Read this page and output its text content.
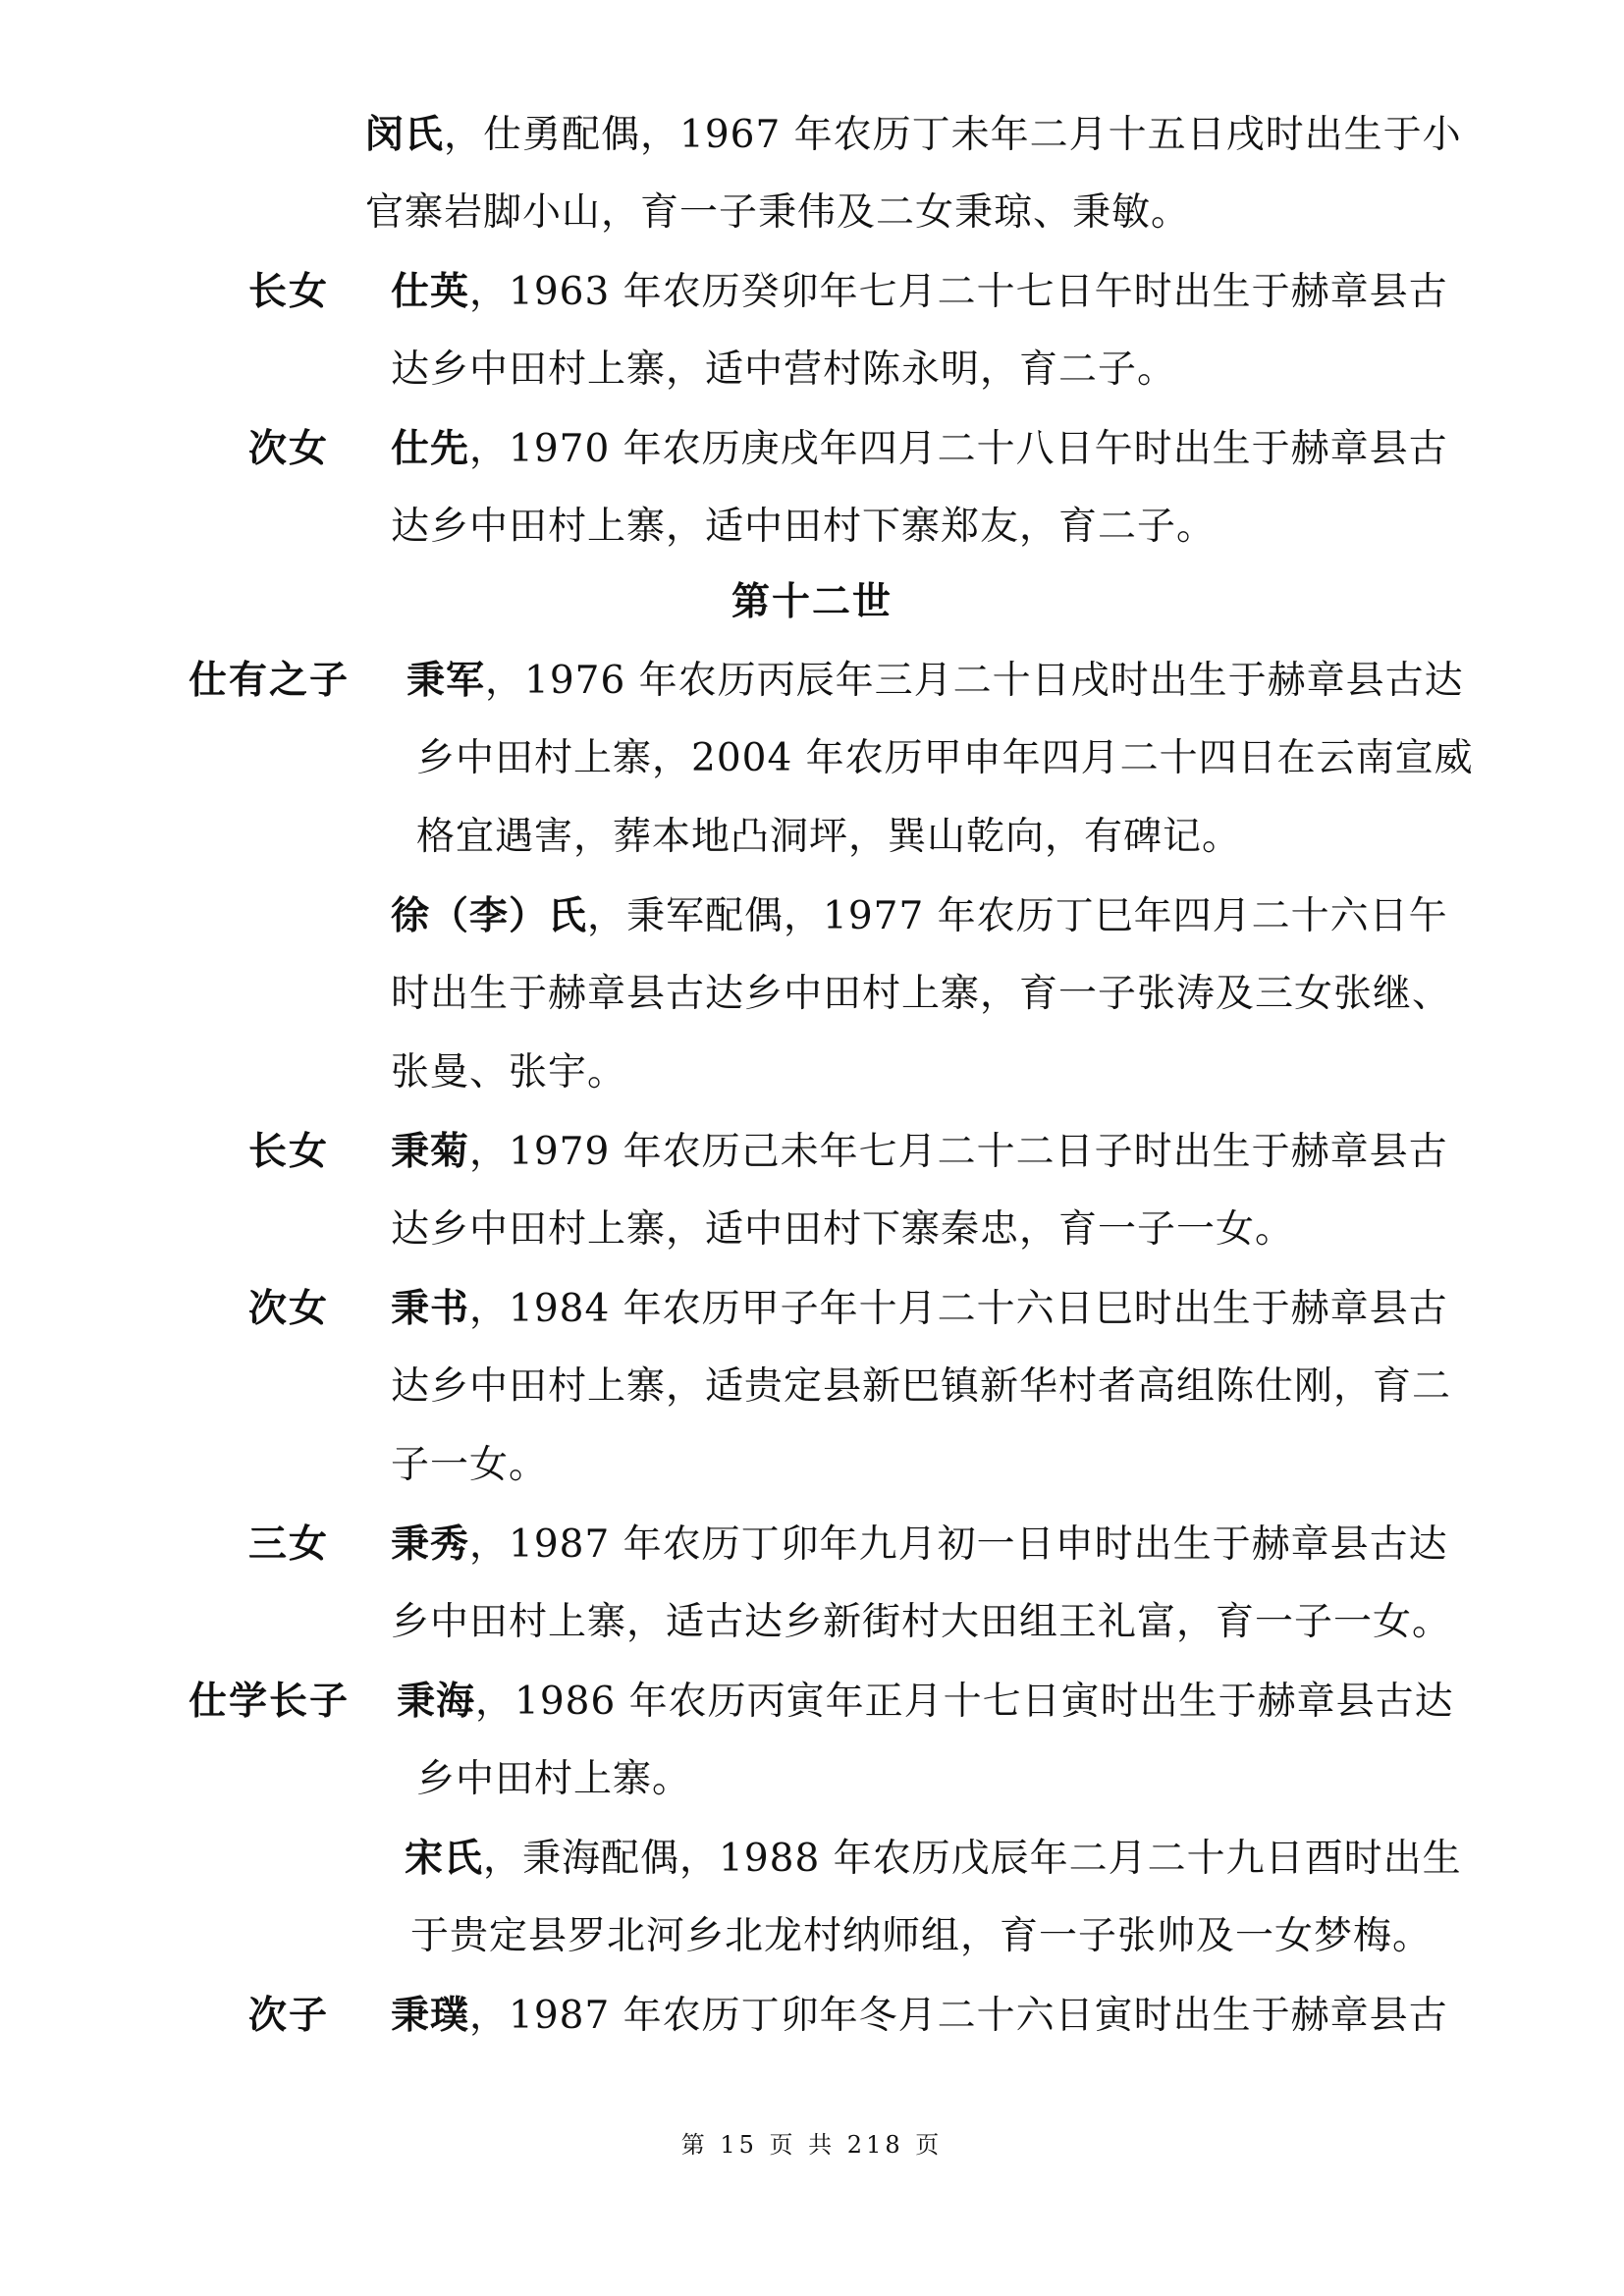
闵氏，仕勇配偶，1967 年农历丁未年二月十五日戌时出生于小
官寨岩脚小山，育一子秉伟及二女秉琼、秉敏。
长女 仕英，1963 年农历癸卯年七月二十七日午时出生于赫章县古
达乡中田村上寨，适中营村陈永明，育二子。
次女 仕先，1970 年农历庚戌年四月二十八日午时出生于赫章县古
达乡中田村上寨，适中田村下寨郑友，育二子。
第十二世
仕有之子 秉军，1976 年农历丙辰年三月二十日戌时出生于赫章县古达
乡中田村上寨，2004 年农历甲申年四月二十四日在云南宣威
格宜遇害，葬本地凸洞坪，巽山乾向，有碑记。
徐（李）氏，秉军配偶，1977 年农历丁巳年四月二十六日午
时出生于赫章县古达乡中田村上寨，育一子张涛及三女张继、
张曼、张宇。
长女 秉菊，1979 年农历己未年七月二十二日子时出生于赫章县古
达乡中田村上寨，适中田村下寨秦忠，育一子一女。
次女 秉书，1984 年农历甲子年十月二十六日巳时出生于赫章县古
达乡中田村上寨，适贵定县新巴镇新华村者高组陈仕刚，育二
子一女。
三女 秉秀，1987 年农历丁卯年九月初一日申时出生于赫章县古达
乡中田村上寨，适古达乡新街村大田组王礼富，育一子一女。
仕学长子 秉海，1986 年农历丙寅年正月十七日寅时出生于赫章县古达
乡中田村上寨。
宋氏，秉海配偶，1988 年农历戊辰年二月二十九日酉时出生
于贵定县罗北河乡北龙村纳师组，育一子张帅及一女梦梅。
次子 秉璞，1987 年农历丁卯年冬月二十六日寅时出生于赫章县古
第 15 页 共 218 页
